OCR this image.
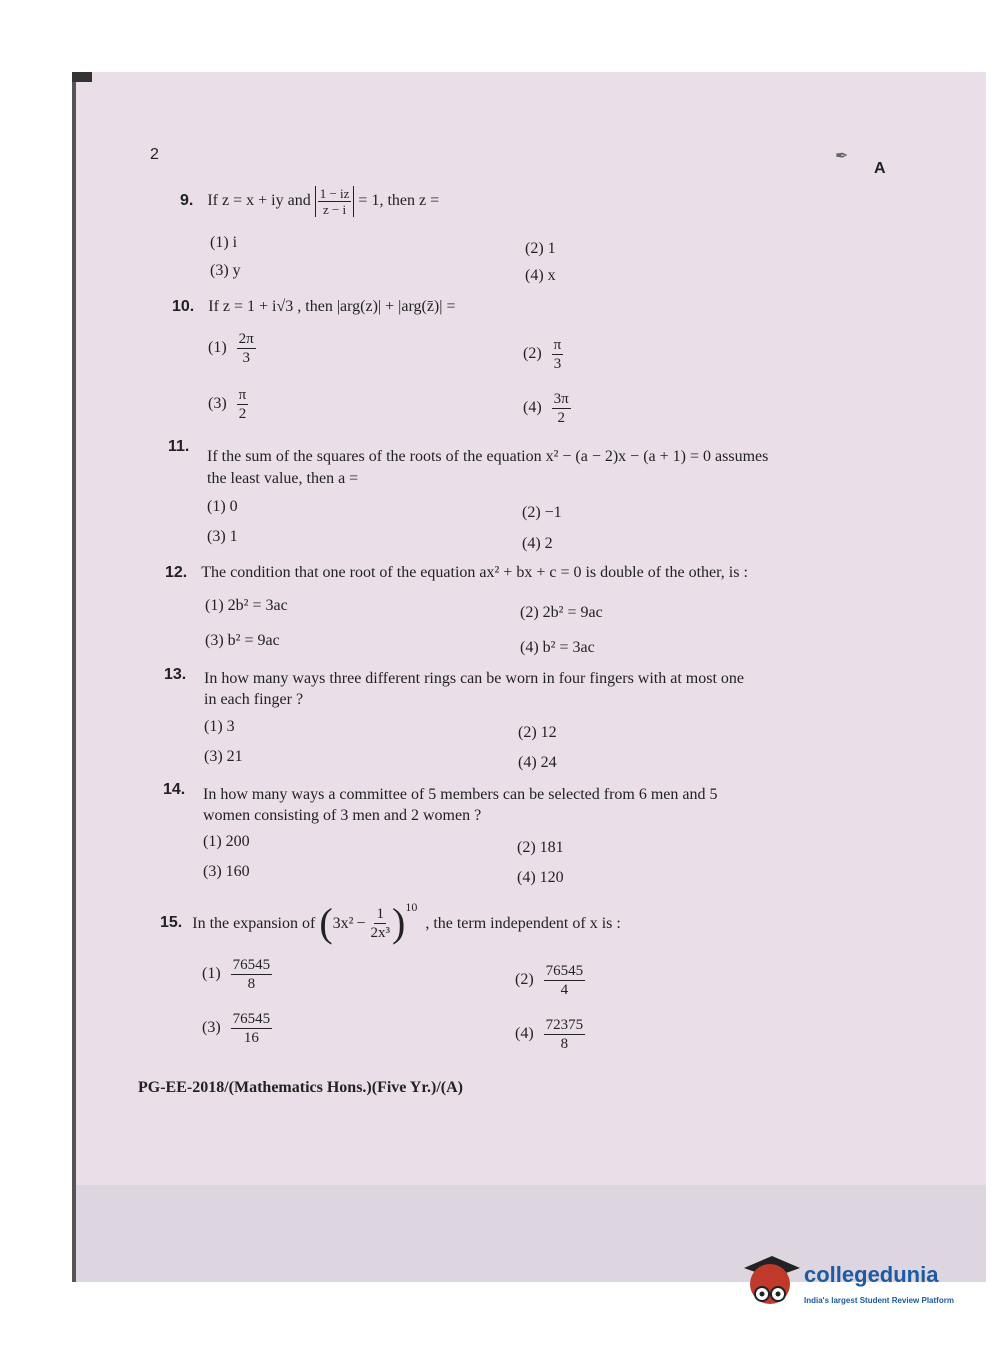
2
A
✒
9. If z = x + iy and $\frac{1 - iz}{z - i} = 1$, then z =
(1) i	(2) 1
(3) y	(4) x
10. If z = 1 + i√3 , then |arg(z)| + |arg(z̄)| =
$(1) \frac{2\pi}{3}$	$(2) \frac{\pi}{3}$
$(3) \frac{\pi}{2}$	$(4) \frac{3\pi}{2}$
11.
If the sum of the squares of the roots of the equation x² − (a − 2)x − (a + 1) = 0 assumes
the least value, then a =
(1) 0	(2) −1
(3) 1	(4) 2
12. The condition that one root of the equation ax² + bx + c = 0 is double of the other, is :
(1) 2b² = 3ac	(2) 2b² = 9ac
(3) b² = 9ac	(4) b² = 3ac
13. In how many ways three different rings can be worn in four fingers with at most one
in each finger ?
(1) 3	(2) 12
(3) 21	(4) 24
14. In how many ways a committee of 5 members can be selected from 6 men and 5
women consisting of 3 men and 2 women ?
(1) 200	(2) 181
(3) 160	(4) 120
15. In the expansion of ( $3x^2 - \frac{1}{\text{2x³}}$ ) 10
, the term independent of x is :
$(1) \frac{76545}{8}$	$(2) \frac{76545}{4}$
$(3) \frac{76545}{16}$	$(4) \frac{72375}{8}$
PG-EE-2018/(Mathematics Hons.)(Five Yr.)/(A)
collegedunia
India's largest Student Review Platform
